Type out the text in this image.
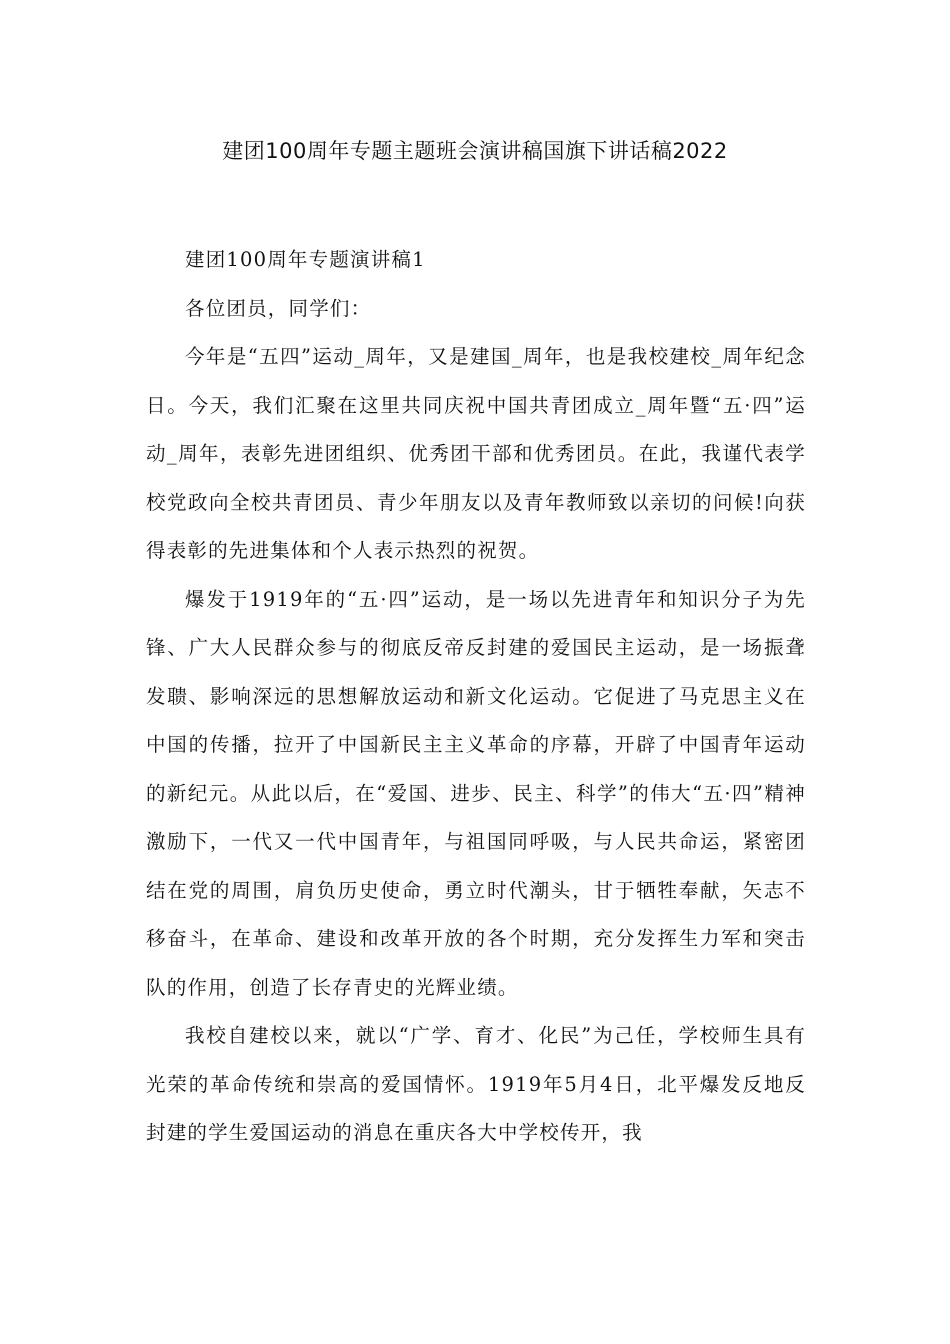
建团100周年专题主题班会演讲稿国旗下讲话稿2022

建团100周年专题演讲稿1

各位团员，同学们：

今年是“五四”运动_周年，又是建国_周年，也是我校建校_周年纪念日。今天，我们汇聚在这里共同庆祝中国共青团成立_周年暨“五·四”运动_周年，表彰先进团组织、优秀团干部和优秀团员。在此，我谨代表学校党政向全校共青团员、青少年朋友以及青年教师致以亲切的问候!向获得表彰的先进集体和个人表示热烈的祝贺。

爆发于1919年的“五·四”运动，是一场以先进青年和知识分子为先锋、广大人民群众参与的彻底反帝反封建的爱国民主运动，是一场振聋发聩、影响深远的思想解放运动和新文化运动。它促进了马克思主义在中国的传播，拉开了中国新民主主义革命的序幕，开辟了中国青年运动的新纪元。从此以后，在“爱国、进步、民主、科学”的伟大“五·四”精神激励下，一代又一代中国青年，与祖国同呼吸，与人民共命运，紧密团结在党的周围，肩负历史使命，勇立时代潮头，甘于牺牲奉献，矢志不移奋斗，在革命、建设和改革开放的各个时期，充分发挥生力军和突击队的作用，创造了长存青史的光辉业绩。

我校自建校以来，就以“广学、育才、化民”为己任，学校师生具有光荣的革命传统和崇高的爱国情怀。1919年5月4日，北平爆发反地反封建的学生爱国运动的消息在重庆各大中学校传开，我
